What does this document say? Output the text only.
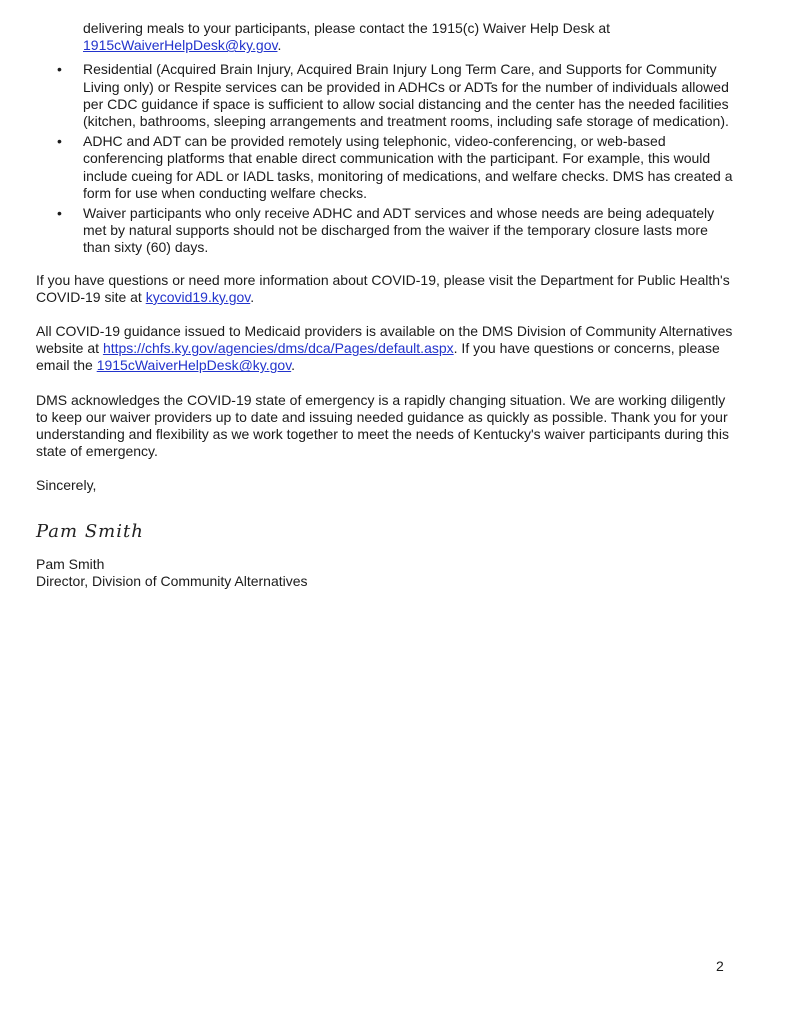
delivering meals to your participants, please contact the 1915(c) Waiver Help Desk at 1915cWaiverHelpDesk@ky.gov.

• Residential (Acquired Brain Injury, Acquired Brain Injury Long Term Care, and Supports for Community Living only) or Respite services can be provided in ADHCs or ADTs for the number of individuals allowed per CDC guidance if space is sufficient to allow social distancing and the center has the needed facilities (kitchen, bathrooms, sleeping arrangements and treatment rooms, including safe storage of medication).
• ADHC and ADT can be provided remotely using telephonic, video-conferencing, or web-based conferencing platforms that enable direct communication with the participant. For example, this would include cueing for ADL or IADL tasks, monitoring of medications, and welfare checks. DMS has created a form for use when conducting welfare checks.
• Waiver participants who only receive ADHC and ADT services and whose needs are being adequately met by natural supports should not be discharged from the waiver if the temporary closure lasts more than sixty (60) days.

If you have questions or need more information about COVID-19, please visit the Department for Public Health's COVID-19 site at kycovid19.ky.gov.

All COVID-19 guidance issued to Medicaid providers is available on the DMS Division of Community Alternatives website at https://chfs.ky.gov/agencies/dms/dca/Pages/default.aspx. If you have questions or concerns, please email the 1915cWaiverHelpDesk@ky.gov.

DMS acknowledges the COVID-19 state of emergency is a rapidly changing situation. We are working diligently to keep our waiver providers up to date and issuing needed guidance as quickly as possible. Thank you for your understanding and flexibility as we work together to meet the needs of Kentucky's waiver participants during this state of emergency.

Sincerely,

Pam Smith
Pam Smith
Director, Division of Community Alternatives
2
